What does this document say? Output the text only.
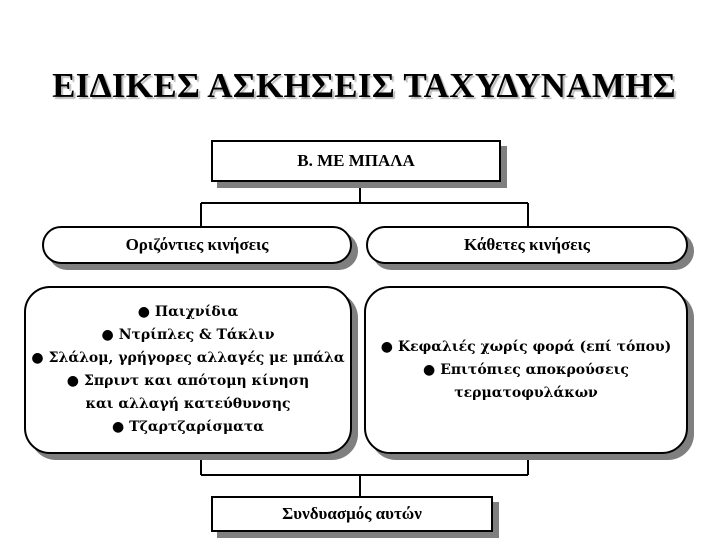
ΕΙΔΙΚΕΣ ΑΣΚΗΣΕΙΣ ΤΑΧΥΔΥΝΑΜΗΣ
Β. ΜΕ ΜΠΑΛΑ
Οριζόντιες κινήσεις	Κάθετες κινήσεις
● Παιχνίδια
● Ντρίπλες & Τάκλιν
● Σλάλομ, γρήγορες αλλαγές με μπάλα
● Σπριντ και απότομη κίνηση
και αλλαγή κατεύθυνσης
● Τζαρτζαρίσματα
● Κεφαλιές χωρίς φορά (επί τόπου)
● Επιτόπιες αποκρούσεις
τερματοφυλάκων
Συνδυασμός αυτών
